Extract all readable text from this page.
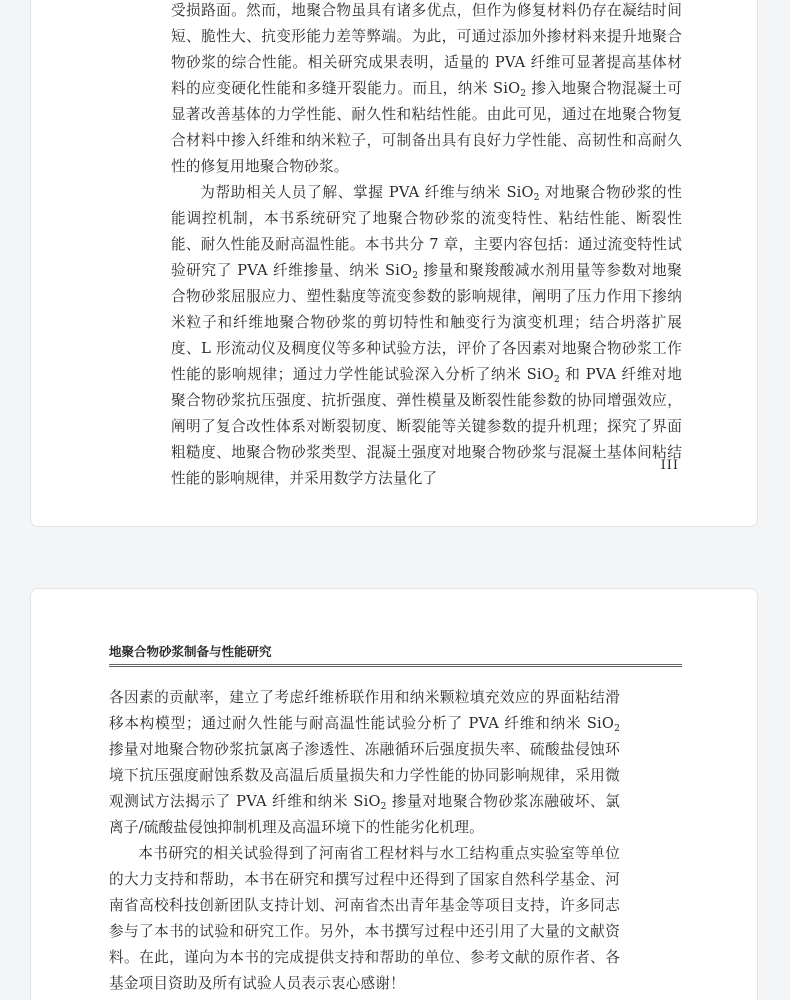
受损路面。然而，地聚合物虽具有诸多优点，但作为修复材料仍存在凝结时间短、脆性大、抗变形能力差等弊端。为此，可通过添加外掺材料来提升地聚合物砂浆的综合性能。相关研究成果表明，适量的 PVA 纤维可显著提高基体材料的应变硬化性能和多缝开裂能力。而且，纳米 SiO$_2$ 掺入地聚合物混凝土可显著改善基体的力学性能、耐久性和粘结性能。由此可见，通过在地聚合物复合材料中掺入纤维和纳米粒子，可制备出具有良好力学性能、高韧性和高耐久性的修复用地聚合物砂浆。

为帮助相关人员了解、掌握 PVA 纤维与纳米 SiO$_2$ 对地聚合物砂浆的性能调控机制，本书系统研究了地聚合物砂浆的流变特性、粘结性能、断裂性能、耐久性能及耐高温性能。本书共分 7 章，主要内容包括：通过流变特性试验研究了 PVA 纤维掺量、纳米 SiO$_2$ 掺量和聚羧酸减水剂用量等参数对地聚合物砂浆屈服应力、塑性黏度等流变参数的影响规律，阐明了压力作用下掺纳米粒子和纤维地聚合物砂浆的剪切特性和触变行为演变机理；结合坍落扩展度、L 形流动仪及稠度仪等多种试验方法，评价了各因素对地聚合物砂浆工作性能的影响规律；通过力学性能试验深入分析了纳米 SiO$_2$ 和 PVA 纤维对地聚合物砂浆抗压强度、抗折强度、弹性模量及断裂性能参数的协同增强效应，阐明了复合改性体系对断裂韧度、断裂能等关键参数的提升机理；探究了界面粗糙度、地聚合物砂浆类型、混凝土强度对地聚合物砂浆与混凝土基体间粘结性能的影响规律，并采用数学方法量化了

III
地聚合物砂浆制备与性能研究

各因素的贡献率，建立了考虑纤维桥联作用和纳米颗粒填充效应的界面粘结滑移本构模型；通过耐久性能与耐高温性能试验分析了 PVA 纤维和纳米 SiO$_2$ 掺量对地聚合物砂浆抗氯离子渗透性、冻融循环后强度损失率、硫酸盐侵蚀环境下抗压强度耐蚀系数及高温后质量损失和力学性能的协同影响规律，采用微观测试方法揭示了 PVA 纤维和纳米 SiO$_2$ 掺量对地聚合物砂浆冻融破坏、氯离子/硫酸盐侵蚀抑制机理及高温环境下的性能劣化机理。

本书研究的相关试验得到了河南省工程材料与水工结构重点实验室等单位的大力支持和帮助，本书在研究和撰写过程中还得到了国家自然科学基金、河南省高校科技创新团队支持计划、河南省杰出青年基金等项目支持，许多同志参与了本书的试验和研究工作。另外，本书撰写过程中还引用了大量的文献资料。在此，谨向为本书的完成提供支持和帮助的单位、参考文献的原作者、各基金项目资助及所有试验人员表示衷心感谢！
